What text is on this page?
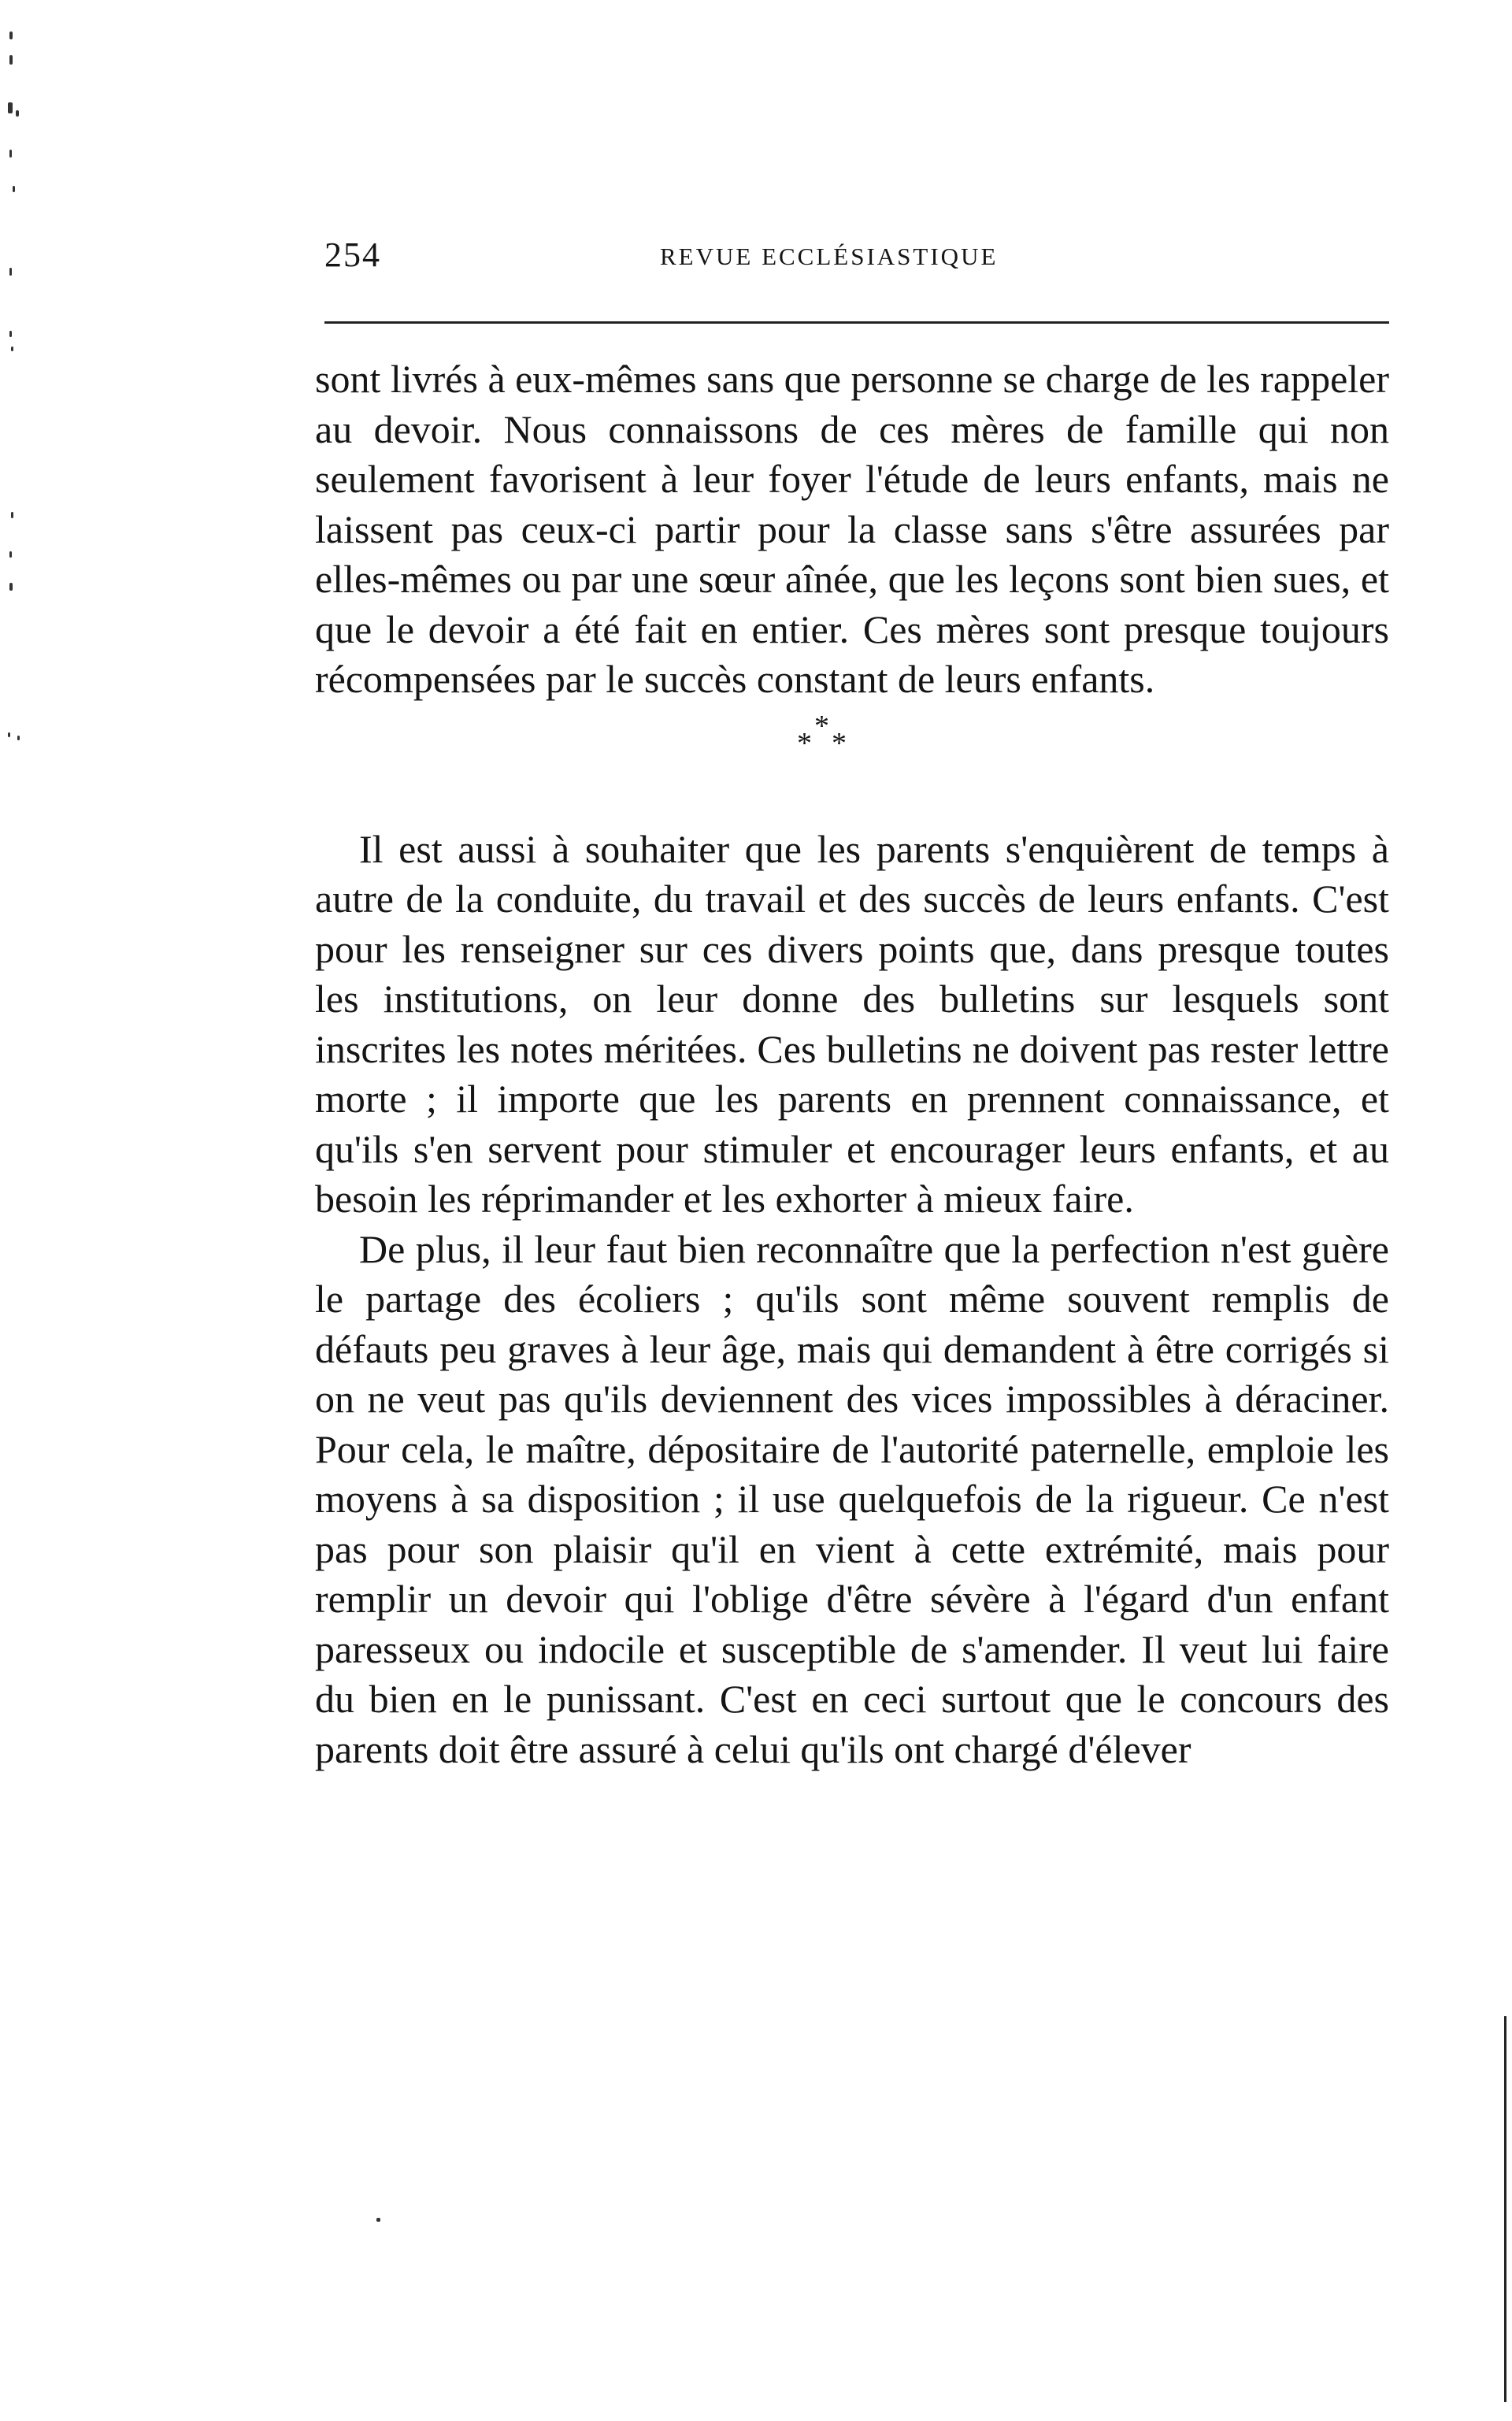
254	REVUE ECCLÉSIASTIQUE

sont livrés à eux-mêmes sans que personne se charge de les rappeler au devoir. Nous connaissons de ces mères de famille qui non seulement favorisent à leur foyer l'étude de leurs enfants, mais ne laissent pas ceux-ci partir pour la classe sans s'être assurées par elles-mêmes ou par une sœur aînée, que les leçons sont bien sues, et que le devoir a été fait en entier. Ces mères sont presque toujours récompensées par le succès constant de leurs enfants.

*
* *

Il est aussi à souhaiter que les parents s'enquièrent de temps à autre de la conduite, du travail et des succès de leurs enfants. C'est pour les renseigner sur ces divers points que, dans presque toutes les institutions, on leur donne des bulletins sur lesquels sont inscrites les notes méritées. Ces bulletins ne doivent pas rester lettre morte ; il importe que les parents en prennent connaissance, et qu'ils s'en servent pour stimuler et encourager leurs enfants, et au besoin les réprimander et les exhorter à mieux faire.

De plus, il leur faut bien reconnaître que la perfection n'est guère le partage des écoliers ; qu'ils sont même souvent remplis de défauts peu graves à leur âge, mais qui demandent à être corrigés si on ne veut pas qu'ils deviennent des vices impossibles à déraciner. Pour cela, le maître, dépositaire de l'autorité paternelle, emploie les moyens à sa disposition ; il use quelquefois de la rigueur. Ce n'est pas pour son plaisir qu'il en vient à cette extrémité, mais pour remplir un devoir qui l'oblige d'être sévère à l'égard d'un enfant paresseux ou indocile et susceptible de s'amender. Il veut lui faire du bien en le punissant. C'est en ceci surtout que le concours des parents doit être assuré à celui qu'ils ont chargé d'élever
